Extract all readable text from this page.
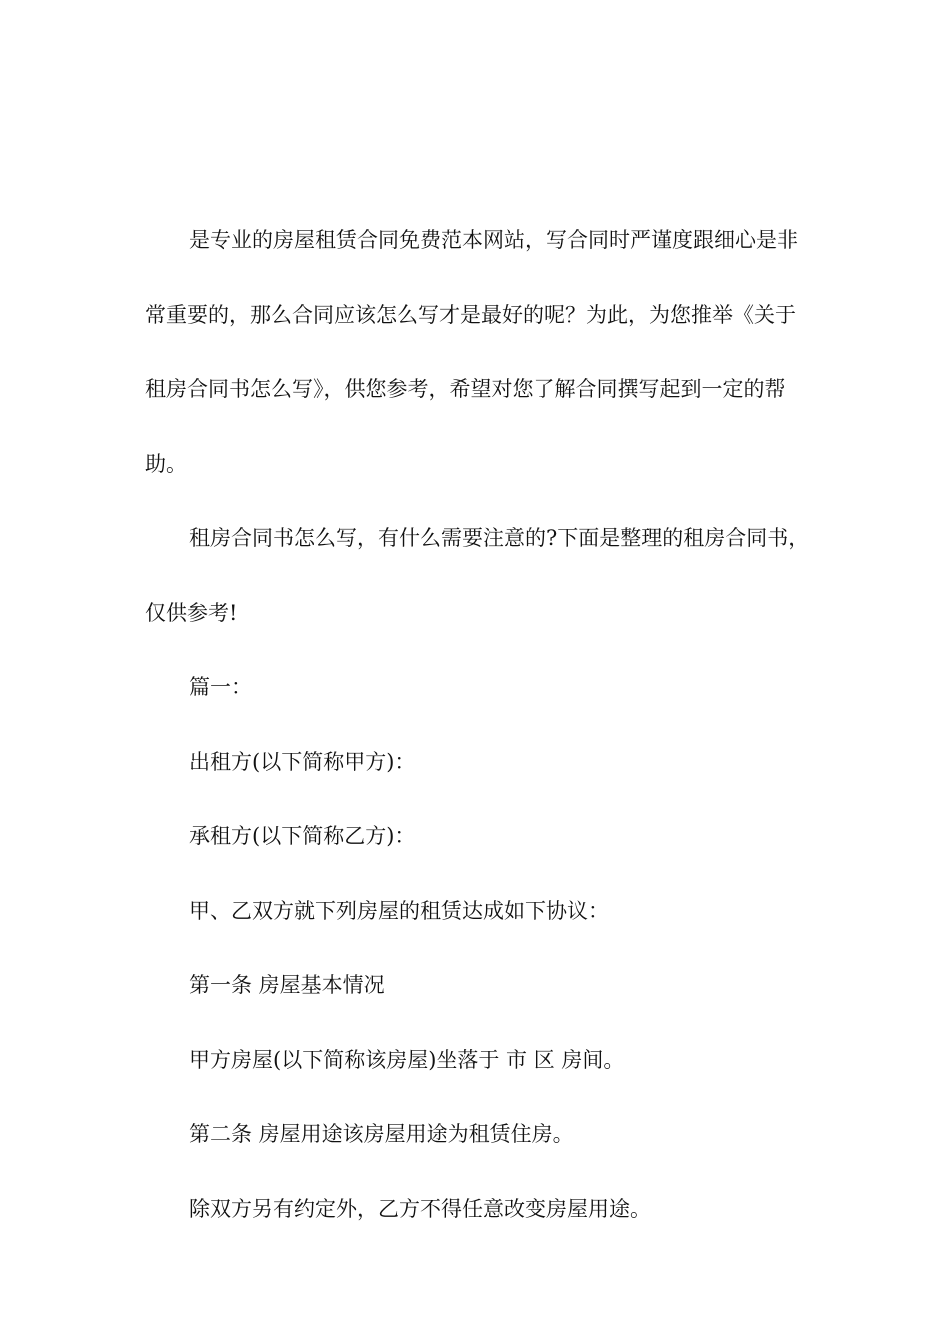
是专业的房屋租赁合同免费范本网站，写合同时严谨度跟细心是非常重要的，那么合同应该怎么写才是最好的呢？为此，为您推举《关于租房合同书怎么写》，供您参考，希望对您了解合同撰写起到一定的帮助。

租房合同书怎么写，有什么需要注意的?下面是整理的租房合同书，仅供参考!

篇一：

出租方(以下简称甲方)：

承租方(以下简称乙方)：

甲、乙双方就下列房屋的租赁达成如下协议：

第一条 房屋基本情况

甲方房屋(以下简称该房屋)坐落于 市 区 房间。

第二条 房屋用途该房屋用途为租赁住房。

除双方另有约定外，乙方不得任意改变房屋用途。
